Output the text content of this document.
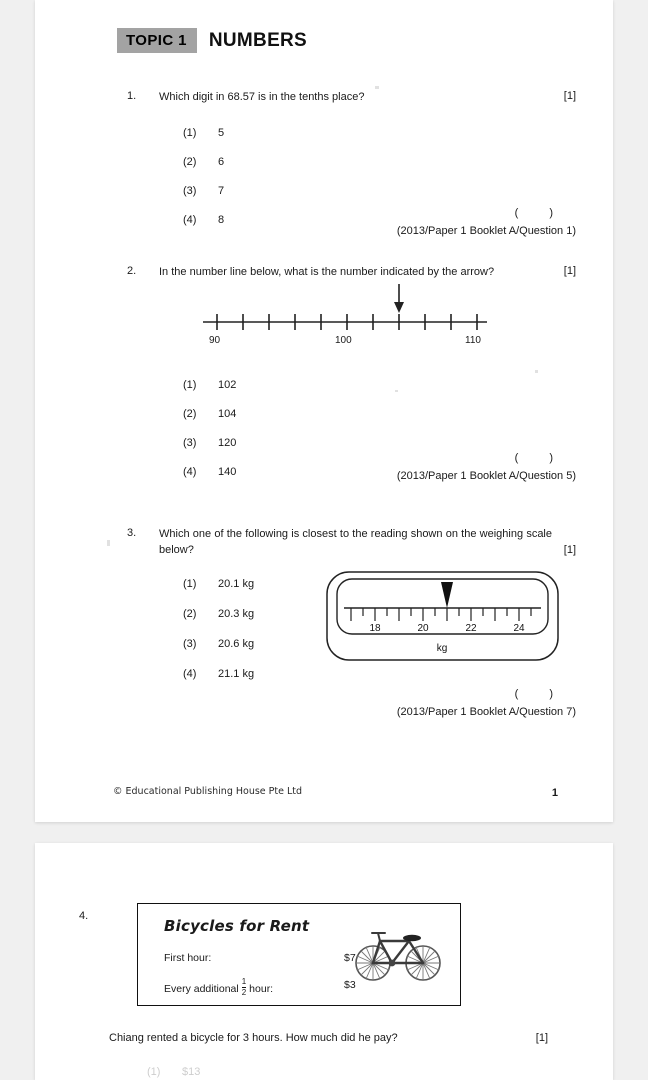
TOPIC 1	NUMBERS
1. Which digit in 68.57 is in the tenths place?	[1]
(1)	5
(2)	6
(3)	7
(4)	8
( )
(2013/Paper 1 Booklet A/Question 1)
2. In the number line below, what is the number indicated by the arrow?	[1]
90	100	110
(1)	102
(2)	104
(3)	120
(4)	140
( )
(2013/Paper 1 Booklet A/Question 5)
3. Which one of the following is closest to the reading shown on the weighing scale below?	[1]
(1)	20.1 kg
(2)	20.3 kg
(3)	20.6 kg
(4)	21.1 kg
18	20	22	24
kg
( )
(2013/Paper 1 Booklet A/Question 7)
© Educational Publishing House Pte Ltd	1
4.
Bicycles for Rent
First hour:	$7
Every additional $\frac{1}{2}$ hour:	$3
Chiang rented a bicycle for 3 hours. How much did he pay?	[1]
(1)	$13
